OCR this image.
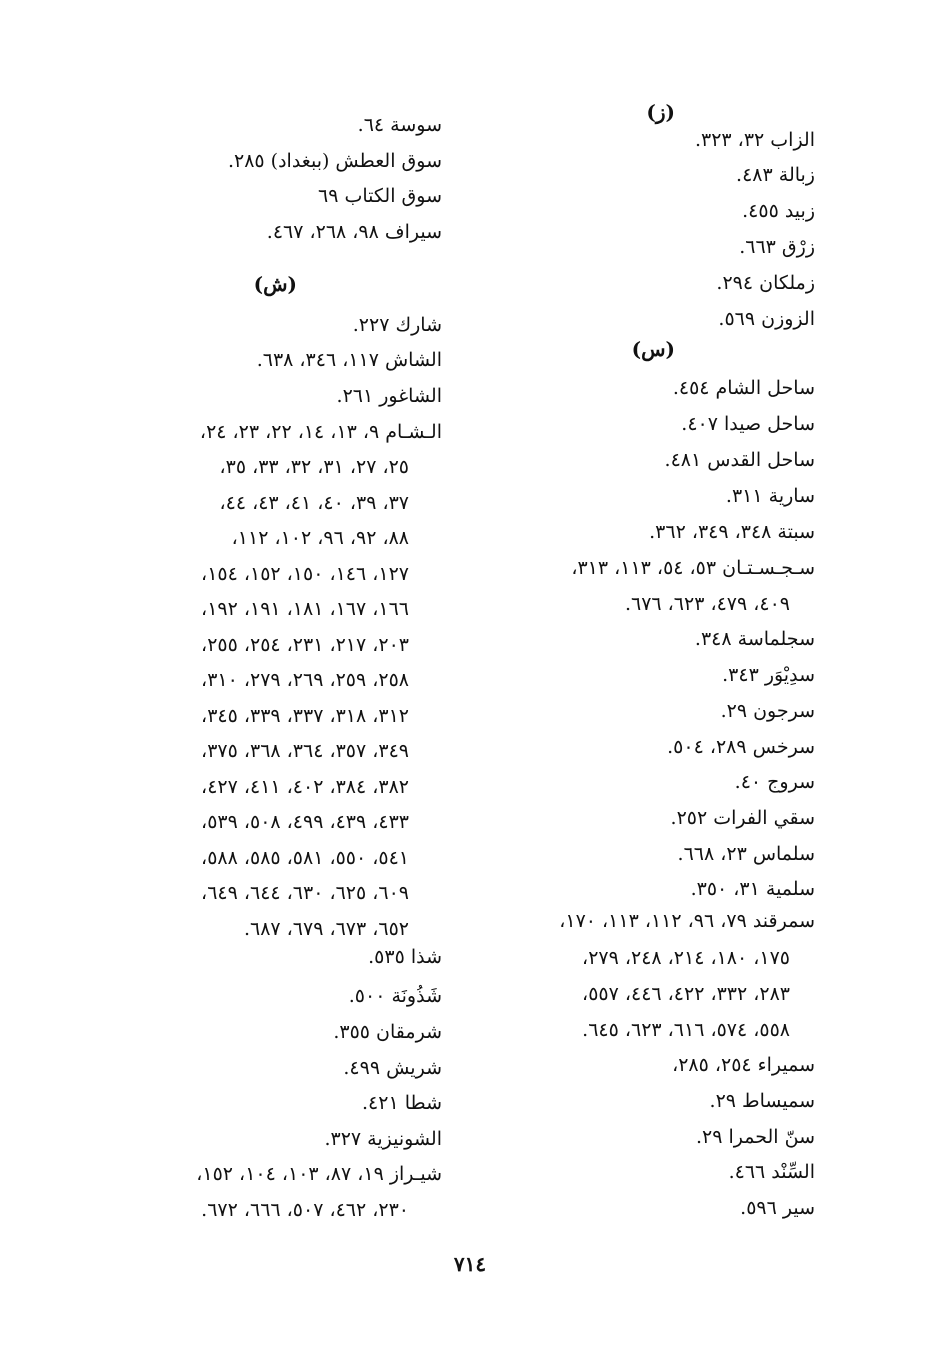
(ز)
الزاب ٣٢، ٣٢٣.
زبالة ٤٨٣.
زبيد ٤٥٥.
زرْق ٦٦٣.
زملكان ٢٩٤.
الزوزن ٥٦٩.
(س)
ساحل الشام ٤٥٤.
ساحل صيدا ٤٠٧.
ساحل القدس ٤٨١.
سارية ٣١١.
سبتة ٣٤٨، ٣٤٩، ٣٦٢.
سـجـسـتـان ٥٣، ٥٤، ١١٣، ٣١٣،
٤٠٩، ٤٧٩، ٦٢٣، ٦٧٦.
سجلماسة ٣٤٨.
سدِيْوَر ٣٤٣.
سرجون ٢٩.
سرخس ٢٨٩، ٥٠٤.
سروج ٤٠.
سقي الفرات ٢٥٢.
سلماس ٢٣، ٦٦٨.
سلمية ٣١، ٣٥٠.
سمرقند ٧٩، ٩٦، ١١٢، ١١٣، ١٧٠،
١٧٥، ١٨٠، ٢١٤، ٢٤٨، ٢٧٩،
٢٨٣، ٣٣٢، ٤٢٢، ٤٤٦، ٥٥٧،
٥٥٨، ٥٧٤، ٦١٦، ٦٢٣، ٦٤٥.
سميراء ٢٥٤، ٢٨٥،
سميساط ٢٩.
سنّ الحمرا ٢٩.
السِّنْد ٤٦٦.
سير ٥٩٦.
سوسة ٦٤.
سوق العطش (ببغداد) ٢٨٥.
سوق الكتاب ٦٩
سيراف ٩٨، ٢٦٨، ٤٦٧.
(ش)
شارك ٢٢٧.
الشاش ١١٧، ٣٤٦، ٦٣٨.
الشاغور ٢٦١.
الـشـام ٩، ١٣، ١٤، ٢٢، ٢٣، ٢٤،
٢٥، ٢٧، ٣١، ٣٢، ٣٣، ٣٥،
٣٧، ٣٩، ٤٠، ٤١، ٤٣، ٤٤،
٨٨، ٩٢، ٩٦، ١٠٢، ١١٢،
١٢٧، ١٤٦، ١٥٠، ١٥٢، ١٥٤،
١٦٦، ١٦٧، ١٨١، ١٩١، ١٩٢،
٢٠٣، ٢١٧، ٢٣١، ٢٥٤، ٢٥٥،
٢٥٨، ٢٥٩، ٢٦٩، ٢٧٩، ٣١٠،
٣١٢، ٣١٨، ٣٣٧، ٣٣٩، ٣٤٥،
٣٤٩، ٣٥٧، ٣٦٤، ٣٦٨، ٣٧٥،
٣٨٢، ٣٨٤، ٤٠٢، ٤١١، ٤٢٧،
٤٣٣، ٤٣٩، ٤٩٩، ٥٠٨، ٥٣٩،
٥٤١، ٥٥٠، ٥٨١، ٥٨٥، ٥٨٨،
٦٠٩، ٦٢٥، ٦٣٠، ٦٤٤، ٦٤٩،
٦٥٢، ٦٧٣، ٦٧٩، ٦٨٧.
شذا ٥٣٥.
شَذُونَة ٥٠٠.
شرمقان ٣٥٥.
شريش ٤٩٩.
شطا ٤٢١.
الشونيزية ٣٢٧.
شيـراز ١٩، ٨٧، ١٠٣، ١٠٤، ١٥٢،
٢٣٠، ٤٦٢، ٥٠٧، ٦٦٦، ٦٧٢.
٧١٤
